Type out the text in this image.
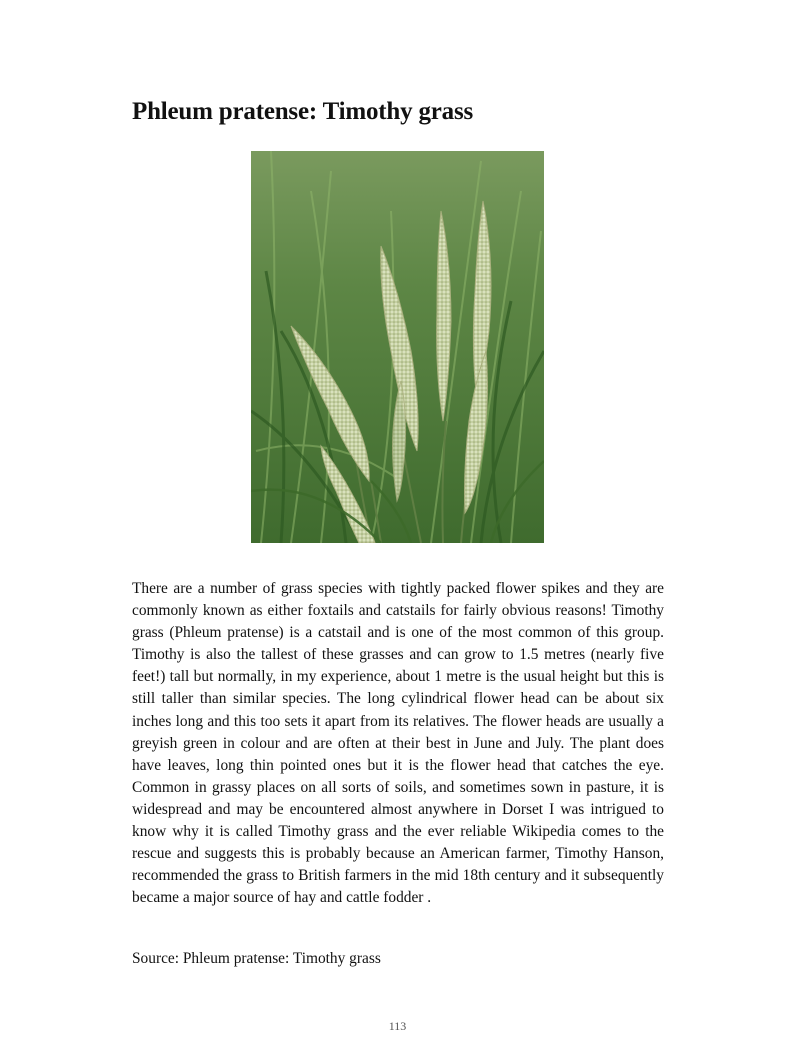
Phleum pratense: Timothy grass

There are a number of grass species with tightly packed flower spikes and they are commonly known as either foxtails and catstails for fairly obvious reasons! Timothy grass (Phleum pratense) is a catstail and is one of the most common of this group. Timothy is also the tallest of these grasses and can grow to 1.5 metres (nearly five feet!) tall but normally, in my experience, about 1 metre is the usual height but this is still taller than similar species. The long cylindrical flower head can be about six inches long and this too sets it apart from its relatives. The flower heads are usually a greyish green in colour and are often at their best in June and July. The plant does have leaves, long thin pointed ones but it is the flower head that catches the eye. Common in grassy places on all sorts of soils, and sometimes sown in pasture, it is widespread and may be encountered almost anywhere in Dorset I was intrigued to know why it is called Timothy grass and the ever reliable Wikipedia comes to the rescue and suggests this is probably because an American farmer, Timothy Hanson, recommended the grass to British farmers in the mid 18th century and it subsequently became a major source of hay and cattle fodder .

Source: Phleum pratense: Timothy grass

113
